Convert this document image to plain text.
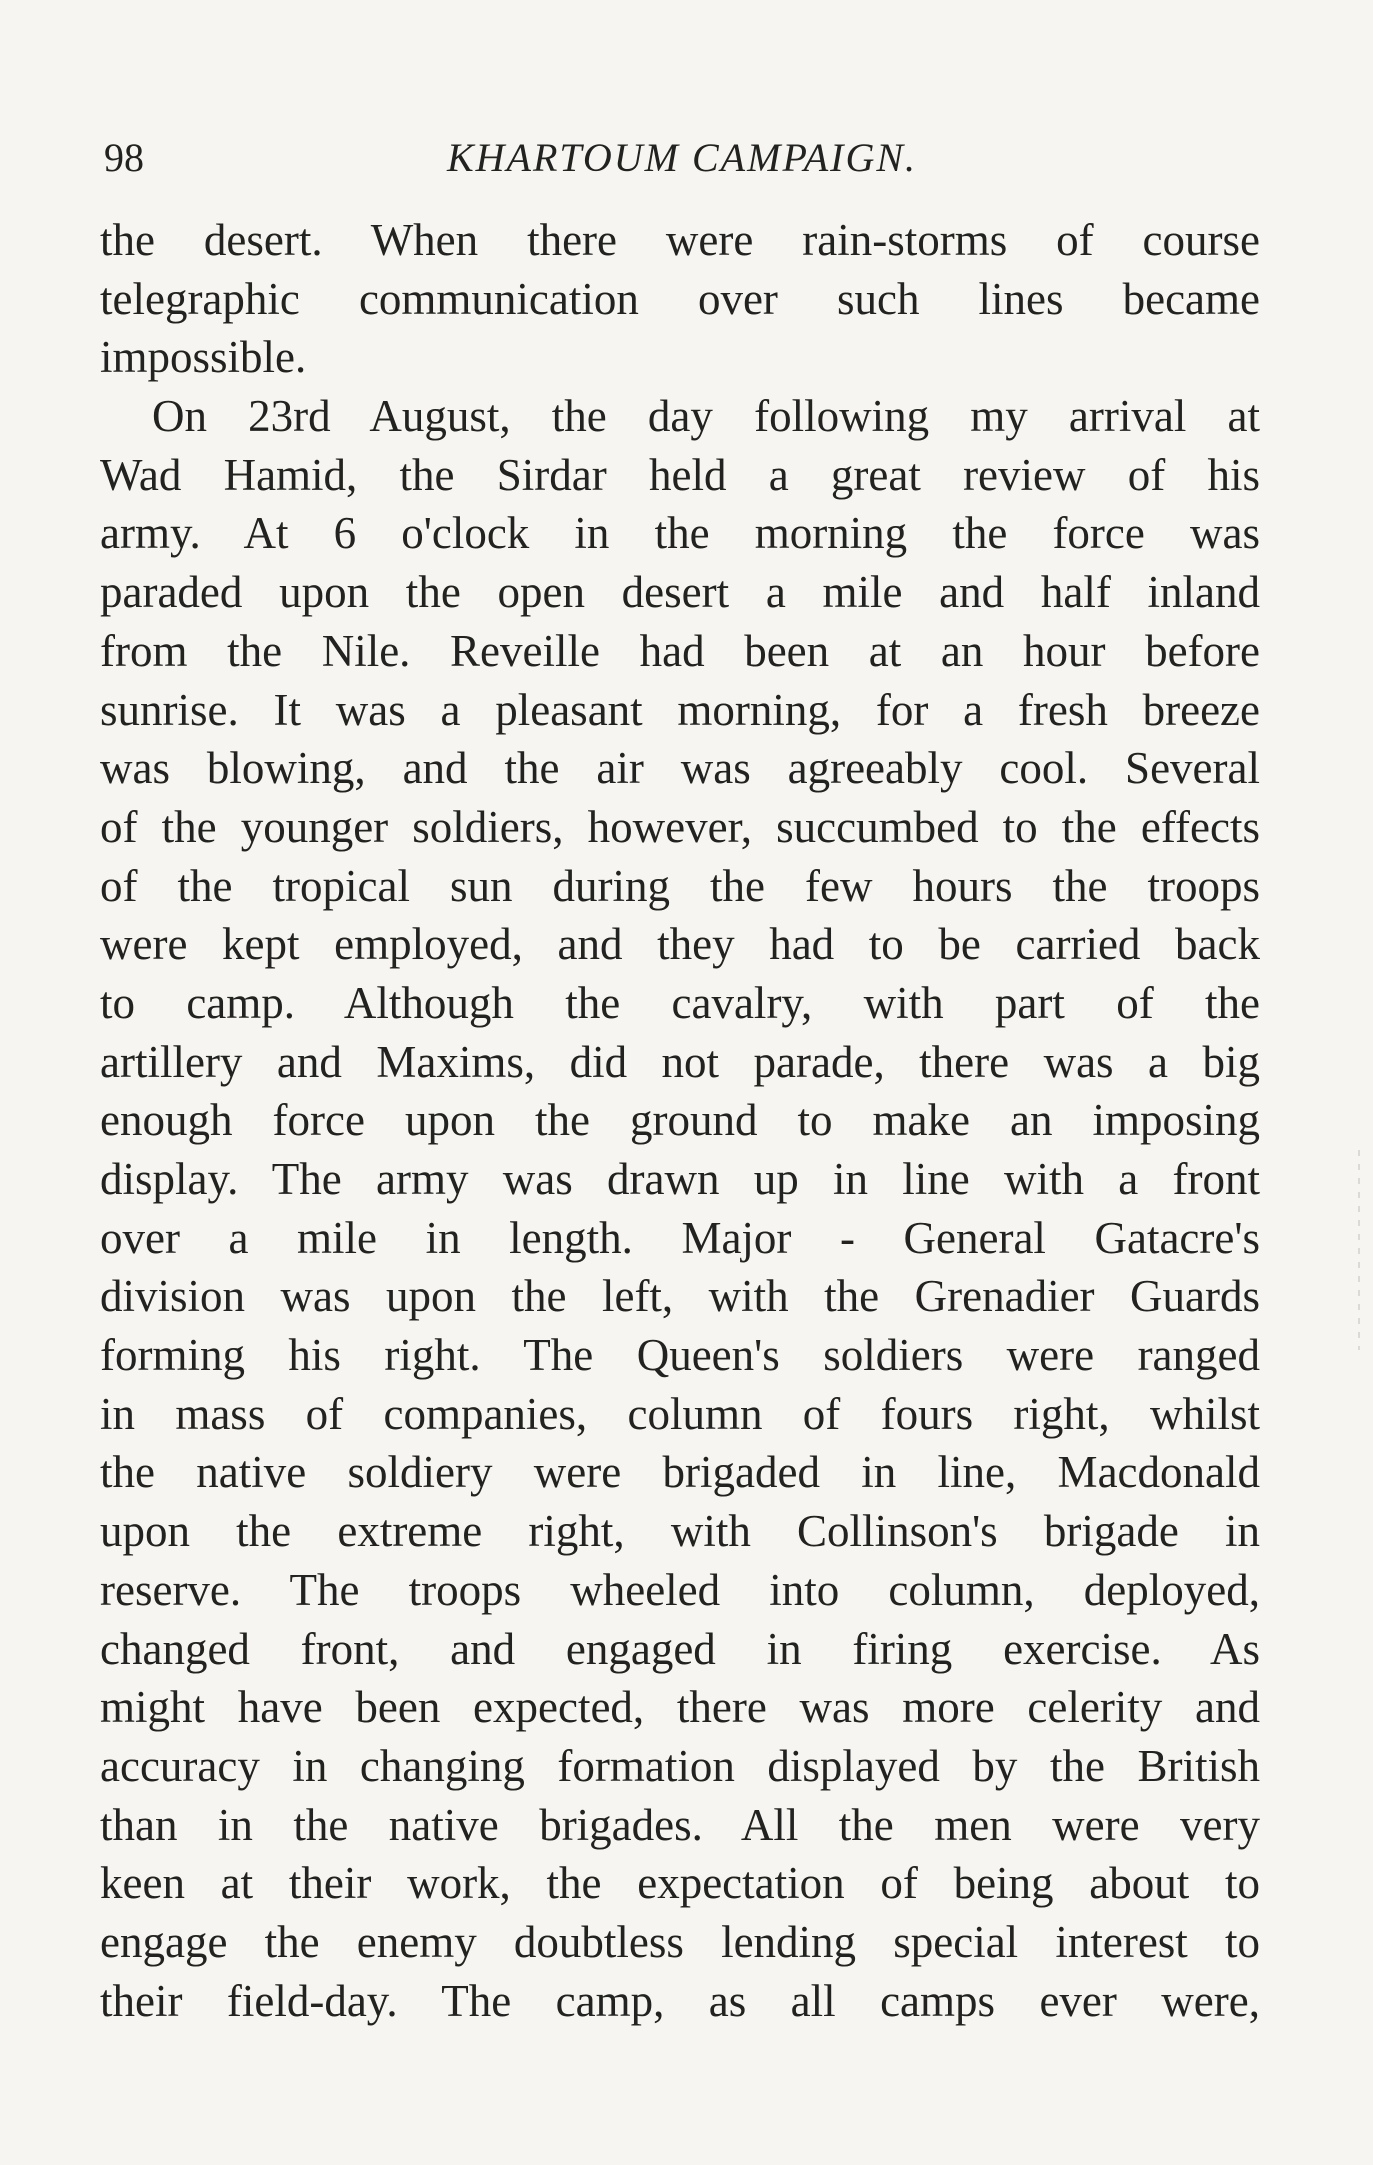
98	KHARTOUM CAMPAIGN.
the desert. When there were rain-storms of course
telegraphic communication over such lines became
impossible.
On 23rd August, the day following my arrival at
Wad Hamid, the Sirdar held a great review of his
army. At 6 o'clock in the morning the force was
paraded upon the open desert a mile and half inland
from the Nile. Reveille had been at an hour before
sunrise. It was a pleasant morning, for a fresh breeze
was blowing, and the air was agreeably cool. Several
of the younger soldiers, however, succumbed to the effects
of the tropical sun during the few hours the troops
were kept employed, and they had to be carried back
to camp. Although the cavalry, with part of the
artillery and Maxims, did not parade, there was a big
enough force upon the ground to make an imposing
display. The army was drawn up in line with a front
over a mile in length. Major - General Gatacre's
division was upon the left, with the Grenadier Guards
forming his right. The Queen's soldiers were ranged
in mass of companies, column of fours right, whilst
the native soldiery were brigaded in line, Macdonald
upon the extreme right, with Collinson's brigade in
reserve. The troops wheeled into column, deployed,
changed front, and engaged in firing exercise. As
might have been expected, there was more celerity and
accuracy in changing formation displayed by the British
than in the native brigades. All the men were very
keen at their work, the expectation of being about to
engage the enemy doubtless lending special interest to
their field-day. The camp, as all camps ever were,
